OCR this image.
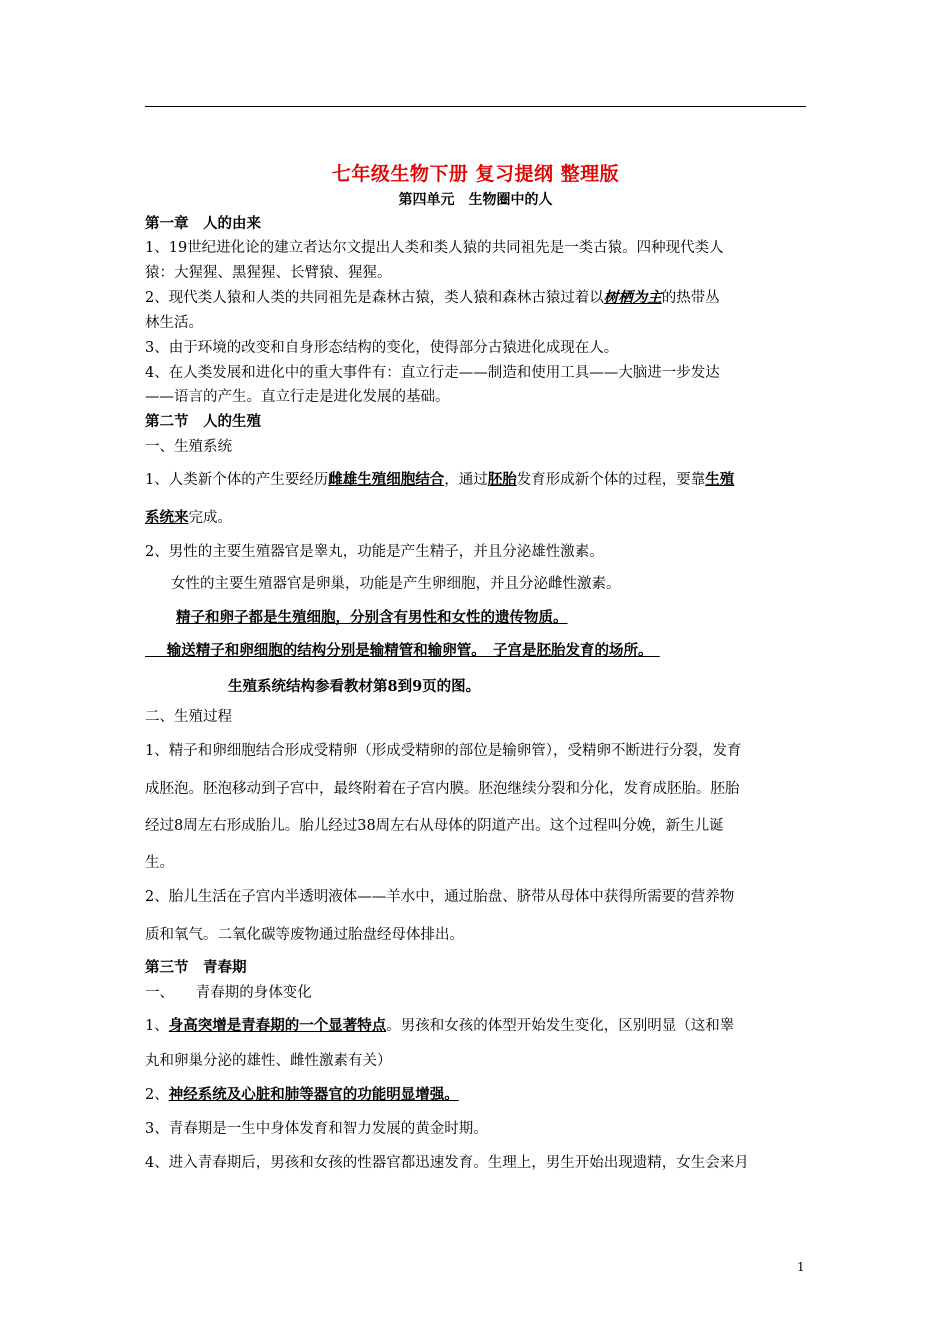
七年级生物下册 复习提纲 整理版
第四单元　生物圈中的人
第一章　人的由来
1、19世纪进化论的建立者达尔文提出人类和类人猿的共同祖先是一类古猿。四种现代类人
猿：大猩猩、黑猩猩、长臂猿、猩猩。
2、现代类人猿和人类的共同祖先是森林古猿，类人猿和森林古猿过着以树栖为主的热带丛
林生活。
3、由于环境的改变和自身形态结构的变化，使得部分古猿进化成现在人。
4、在人类发展和进化中的重大事件有：直立行走——制造和使用工具——大脑进一步发达
——语言的产生。直立行走是进化发展的基础。
第二节　人的生殖
一、生殖系统
1、人类新个体的产生要经历雌雄生殖细胞结合，通过胚胎发育形成新个体的过程，要靠生殖
系统来完成。
2、男性的主要生殖器官是睾丸，功能是产生精子，并且分泌雄性激素。
女性的主要生殖器官是卵巢，功能是产生卵细胞，并且分泌雌性激素。
精子和卵子都是生殖细胞，分别含有男性和女性的遗传物质。
　 输送精子和卵细胞的结构分别是输精管和输卵管。　子宫是胚胎发育的场所。 
生殖系统结构参看教材第8到9页的图。
二、生殖过程
1、精子和卵细胞结合形成受精卵（形成受精卵的部位是输卵管），受精卵不断进行分裂，发育
成胚泡。胚泡移动到子宫中，最终附着在子宫内膜。胚泡继续分裂和分化，发育成胚胎。胚胎
经过8周左右形成胎儿。胎儿经过38周左右从母体的阴道产出。这个过程叫分娩，新生儿诞
生。
2、胎儿生活在子宫内半透明液体——羊水中，通过胎盘、脐带从母体中获得所需要的营养物
质和氧气。二氧化碳等废物通过胎盘经母体排出。
第三节　青春期
一、　　青春期的身体变化
1、身高突增是青春期的一个显著特点。男孩和女孩的体型开始发生变化，区别明显（这和睾
丸和卵巢分泌的雄性、雌性激素有关）
2、神经系统及心脏和肺等器官的功能明显增强。
3、青春期是一生中身体发育和智力发展的黄金时期。
4、进入青春期后，男孩和女孩的性器官都迅速发育。生理上，男生开始出现遗精，女生会来月
1
